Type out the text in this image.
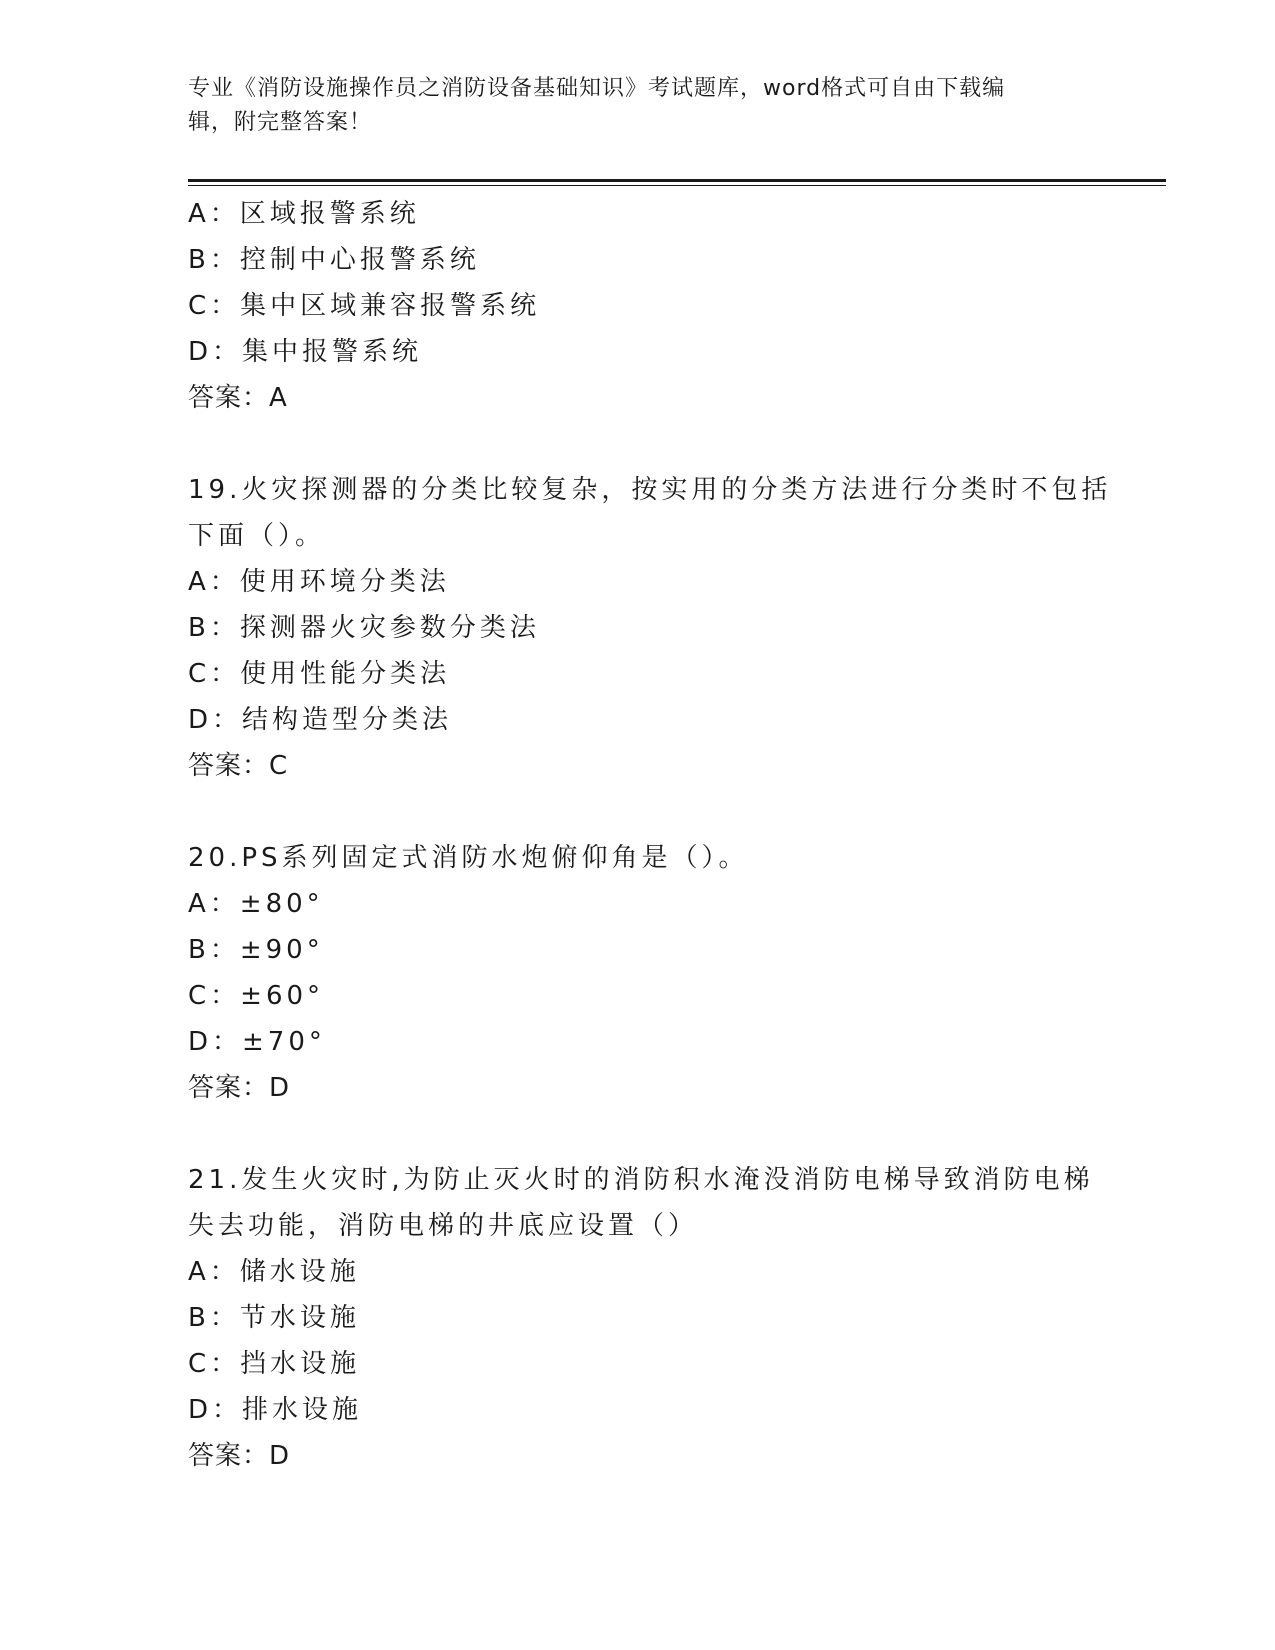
专业《消防设施操作员之消防设备基础知识》考试题库，word格式可自由下载编
辑，附完整答案！
A：区域报警系统
B：控制中心报警系统
C：集中区域兼容报警系统
D：集中报警系统
答案：A
19.火灾探测器的分类比较复杂，按实用的分类方法进行分类时不包括
下面（）。
A：使用环境分类法
B：探测器火灾参数分类法
C：使用性能分类法
D：结构造型分类法
答案：C
20.PS系列固定式消防水炮俯仰角是（）。
A：±80°
B：±90°
C：±60°
D：±70°
答案：D
21.发生火灾时,为防止灭火时的消防积水淹没消防电梯导致消防电梯
失去功能，消防电梯的井底应设置（）
A：储水设施
B：节水设施
C：挡水设施
D：排水设施
答案：D
